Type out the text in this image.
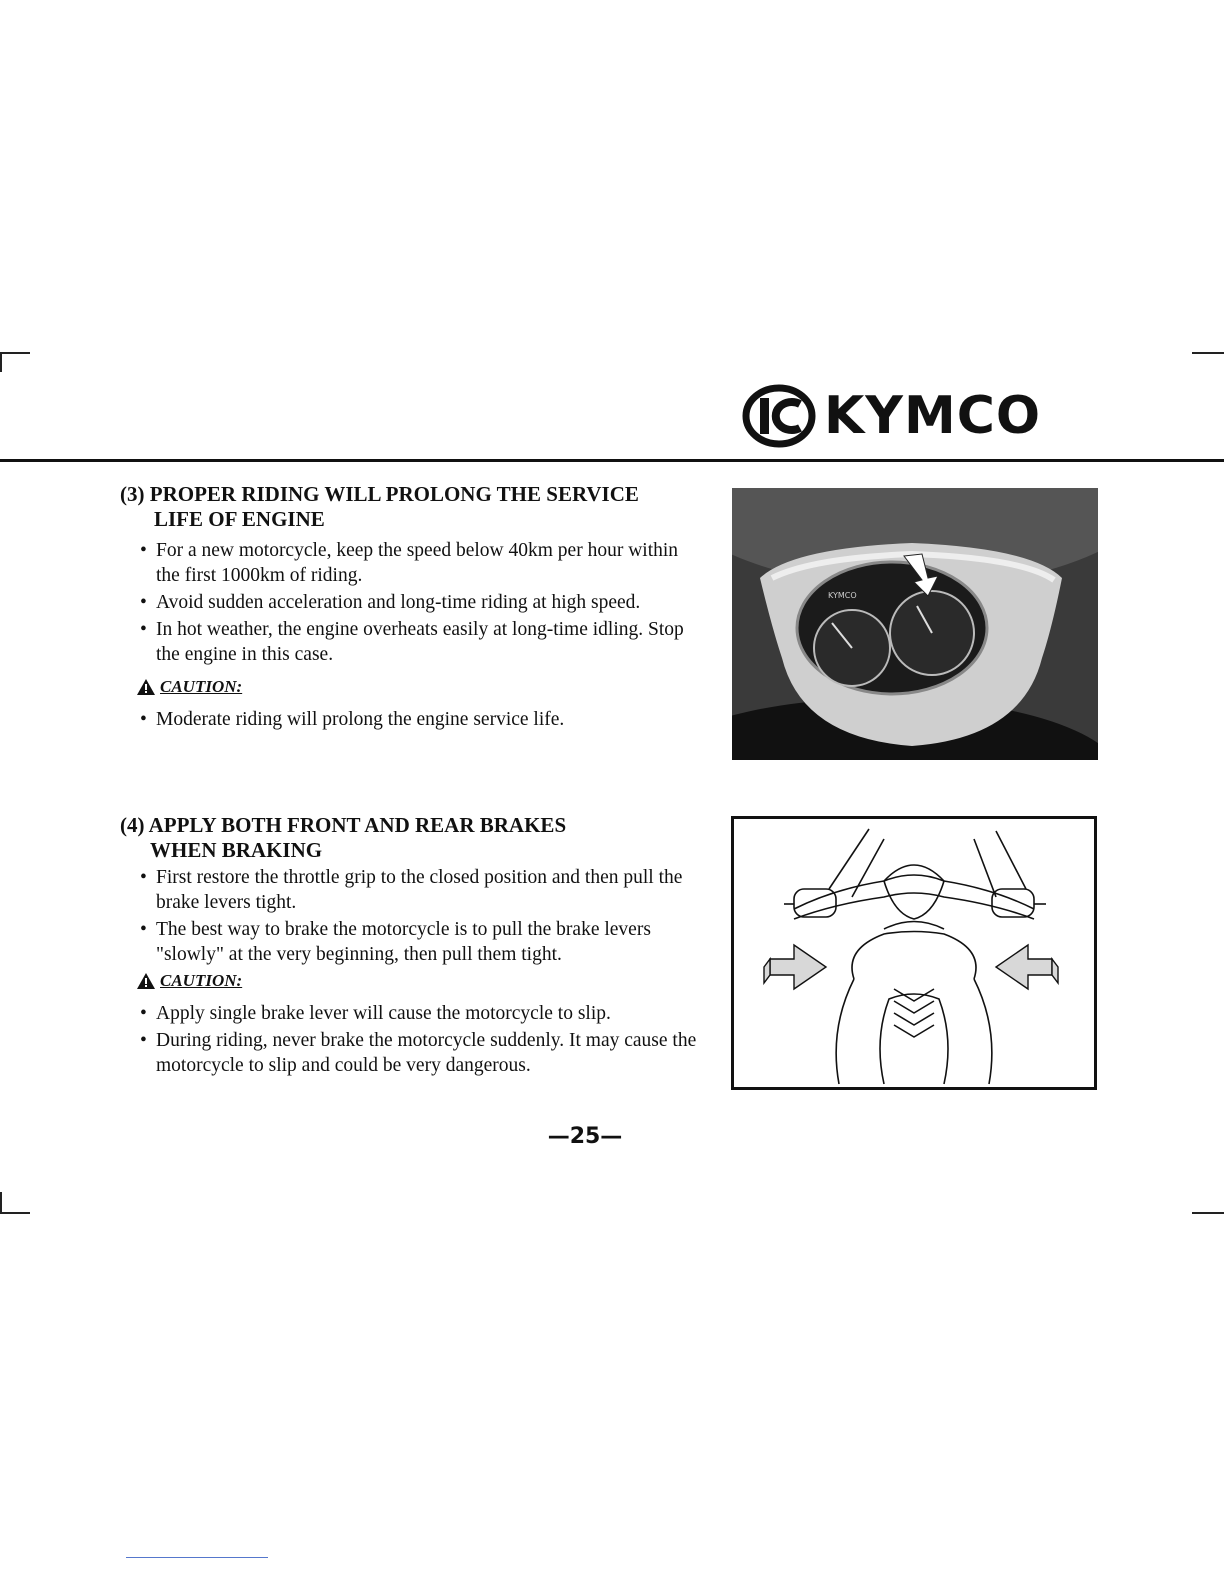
KYMCO
(3) PROPER RIDING WILL PROLONG THE SERVICE
LIFE OF ENGINE
• For a new motorcycle, keep the speed below 40km per hour within the first 1000km of riding.
• Avoid sudden acceleration and long-time riding at high speed.
• In hot weather, the engine overheats easily at long-time idling. Stop the engine in this case.
CAUTION:
• Moderate riding will prolong the engine service life.
(4) APPLY BOTH FRONT AND REAR BRAKES
WHEN BRAKING
• First restore the throttle grip to the closed position and then pull the brake levers tight.
• The best way to brake the motorcycle is to pull the brake levers "slowly" at the very beginning, then pull them tight.
CAUTION:
• Apply single brake lever will cause the motorcycle to slip.
• During riding, never brake the motorcycle suddenly. It may cause the motorcycle to slip and could be very dangerous.
KYMCO
—25—
